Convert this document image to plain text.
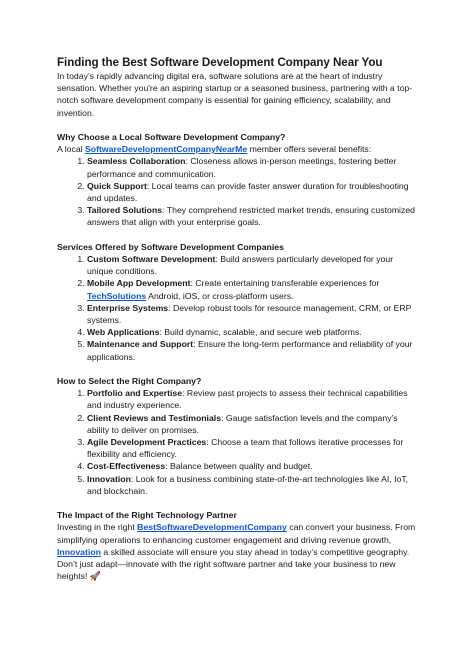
Finding the Best Software Development Company Near You

In today’s rapidly advancing digital era, software solutions are at the heart of industry sensation. Whether you're an aspiring startup or a seasoned business, partnering with a top-notch software development company is essential for gaining efficiency, scalability, and invention.

Why Choose a Local Software Development Company?

A local SoftwareDevelopmentCompanyNearMe member offers several benefits:

1. Seamless Collaboration: Closeness allows in-person meetings, fostering better performance and communication.
2. Quick Support: Local teams can provide faster answer duration for troubleshooting and updates.
3. Tailored Solutions: They comprehend restricted market trends, ensuring customized answers that align with your enterprise goals.
Services Offered by Software Development Companies
1. Custom Software Development: Build answers particularly developed for your unique conditions.
2. Mobile App Development: Create entertaining transferable experiences for TechSolutions Android, iOS, or cross-platform users.
3. Enterprise Systems: Develop robust tools for resource management, CRM, or ERP systems.
4. Web Applications: Build dynamic, scalable, and secure web platforms.
5. Maintenance and Support: Ensure the long-term performance and reliability of your applications.
How to Select the Right Company?
1. Portfolio and Expertise: Review past projects to assess their technical capabilities and industry experience.
2. Client Reviews and Testimonials: Gauge satisfaction levels and the company’s ability to deliver on promises.
3. Agile Development Practices: Choose a team that follows iterative processes for flexibility and efficiency.
4. Cost-Effectiveness: Balance between quality and budget.
5. Innovation: Look for a business combining state-of-the-art technologies like AI, IoT, and blockchain.
The Impact of the Right Technology Partner

Investing in the right BestSoftwareDevelopmentCompany can convert your business. From simplifying operations to enhancing customer engagement and driving revenue growth, Innovation a skilled associate will ensure you stay ahead in today’s competitive geography.

Don’t just adapt—innovate with the right software partner and take your business to new heights! 🚀
